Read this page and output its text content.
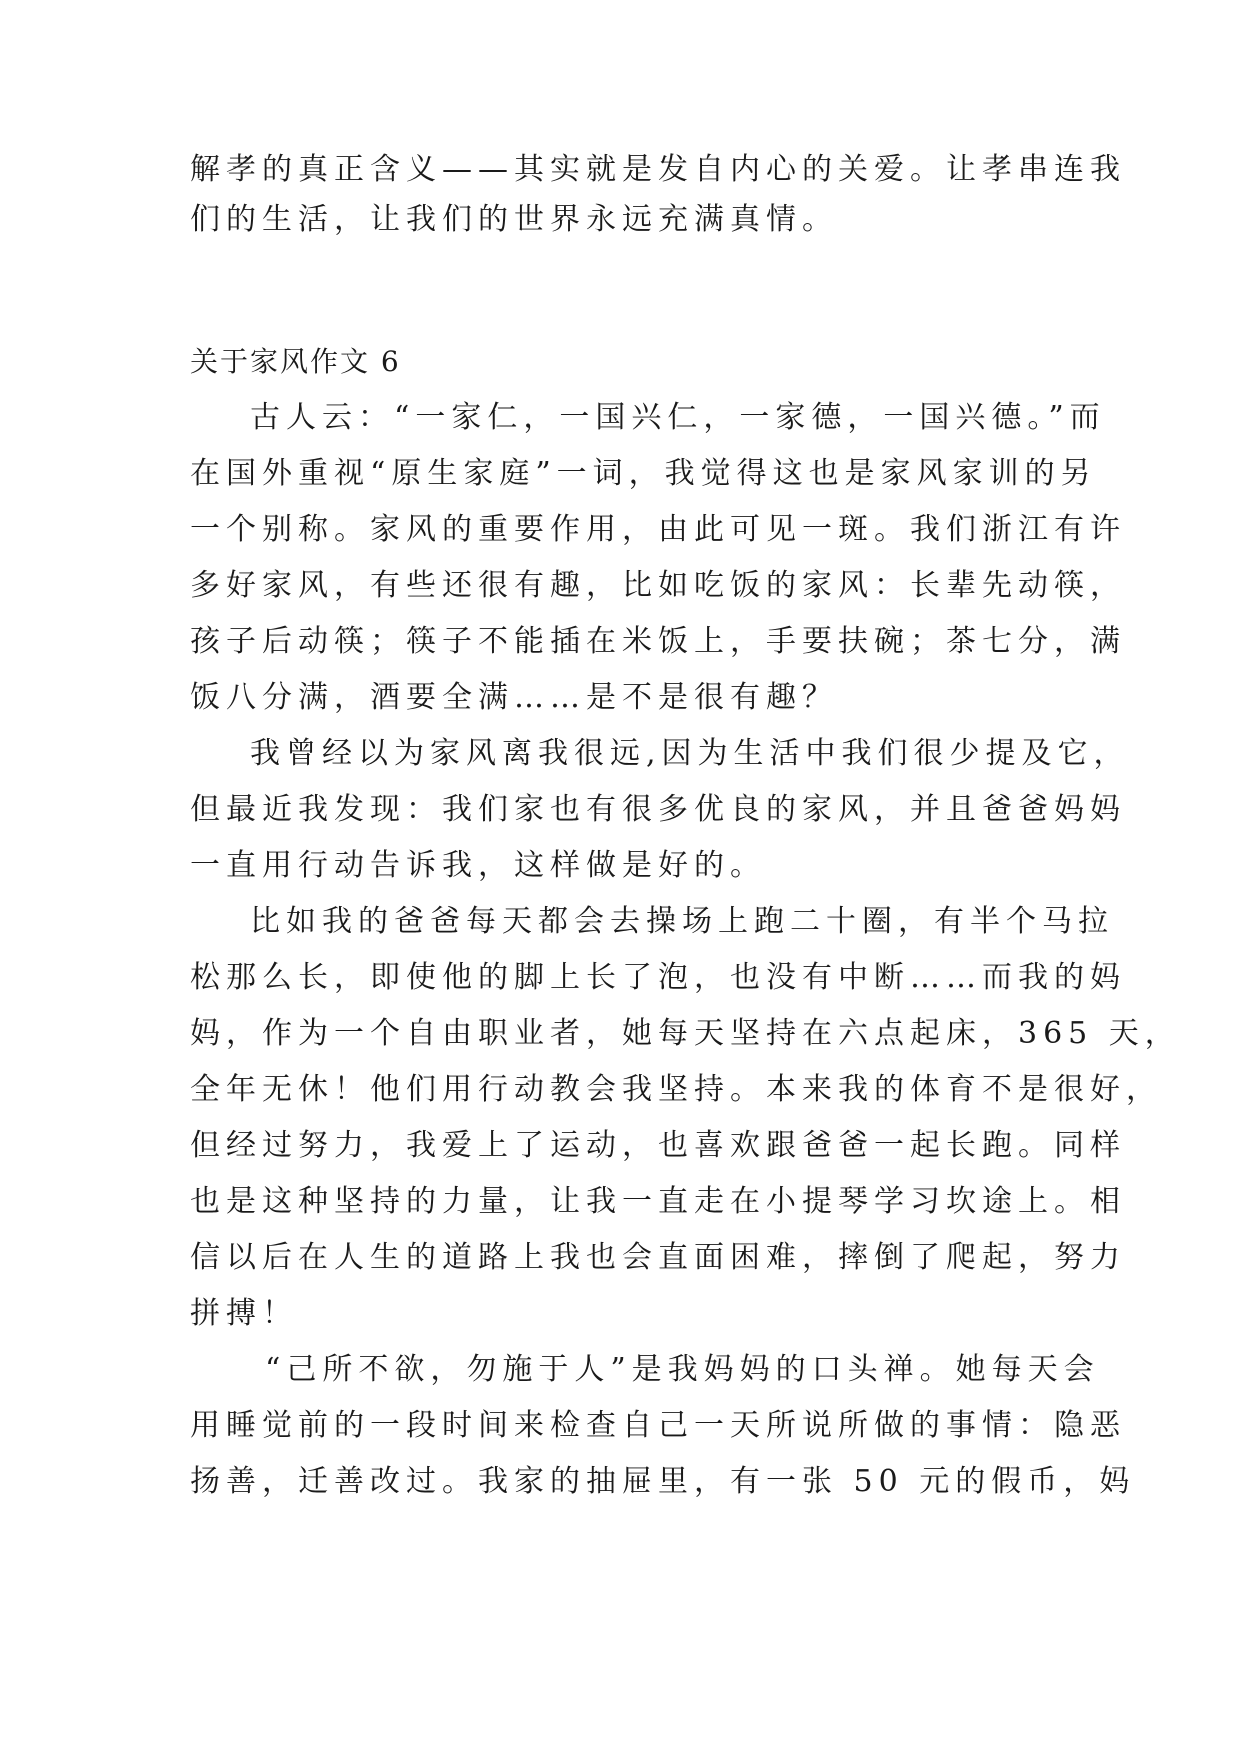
解孝的真正含义——其实就是发自内心的关爱。让孝串连我
们的生活，让我们的世界永远充满真情。
关于家风作文 6
古人云：“一家仁，一国兴仁，一家德，一国兴德。”而
在国外重视“原生家庭”一词，我觉得这也是家风家训的另
一个别称。家风的重要作用，由此可见一斑。我们浙江有许
多好家风，有些还很有趣，比如吃饭的家风：长辈先动筷，
孩子后动筷；筷子不能插在米饭上，手要扶碗；茶七分，满
饭八分满，酒要全满……是不是很有趣？
我曾经以为家风离我很远,因为生活中我们很少提及它，
但最近我发现：我们家也有很多优良的家风，并且爸爸妈妈
一直用行动告诉我，这样做是好的。
比如我的爸爸每天都会去操场上跑二十圈，有半个马拉
松那么长，即使他的脚上长了泡，也没有中断……而我的妈
妈，作为一个自由职业者，她每天坚持在六点起床，365 天，
全年无休！他们用行动教会我坚持。本来我的体育不是很好，
但经过努力，我爱上了运动，也喜欢跟爸爸一起长跑。同样
也是这种坚持的力量，让我一直走在小提琴学习坎途上。相
信以后在人生的道路上我也会直面困难，摔倒了爬起，努力
拼搏！
“己所不欲，勿施于人”是我妈妈的口头禅。她每天会
用睡觉前的一段时间来检查自己一天所说所做的事情：隐恶
扬善，迁善改过。我家的抽屉里，有一张 50 元的假币，妈
